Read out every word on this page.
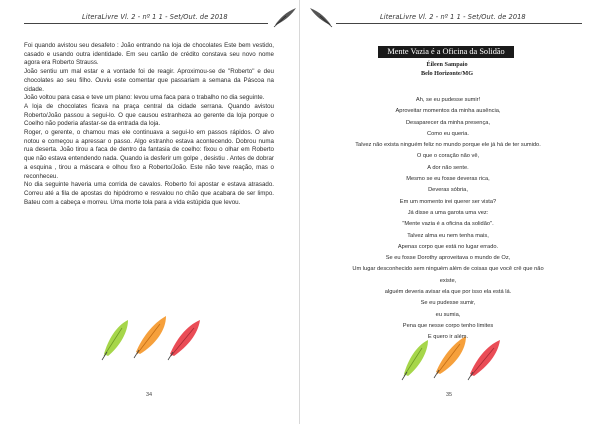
LiteraLivre Vl. 2 - nº 1 1 - Set/Out. de 2018

Foi quando avistou seu desafeto : João entrando na loja de chocolates Este bem vestido, casado e usando outra identidade. Em seu cartão de crédito constava seu novo nome agora era Roberto Strauss.

João sentiu um mal estar e a vontade foi de reagir. Aproximou-se de "Roberto" e deu chocolates ao seu filho. Ouviu este comentar que passariam a semana da Páscoa na cidade.

João voltou para casa e teve um plano: levou uma faca para o trabalho no dia seguinte.

A loja de chocolates ficava na praça central da cidade serrana. Quando avistou Roberto/João passou a segui-lo. O que causou estranheza ao gerente da loja porque o Coelho não poderia afastar-se da entrada da loja.

Roger, o gerente, o chamou mas ele continuava a segui-lo em passos rápidos. O alvo notou e começou a apressar o passo. Algo estranho estava acontecendo. Dobrou numa rua deserta. João tirou a faca de dentro da fantasia de coelho: fixou o olhar em Roberto que não estava entendendo nada. Quando ia desferir um golpe , desistiu . Antes de dobrar a esquina , tirou a máscara e olhou fixo a Roberto/João. Este não teve reação, mas o reconheceu.

No dia seguinte haveria uma corrida de cavalos. Roberto foi apostar e estava atrasado. Correu até a fila de apostas do hipódromo e resvalou no chão que acabara de ser limpo. Bateu com a cabeça e morreu. Uma morte tola para a vida estúpida que levou.

34
LiteraLivre Vl. 2 - nº 1 1 - Set/Out. de 2018
35
Mente Vazia é a Oficina da Solidão
Éileen Sampaio
Belo Horizonte/MG
Ah, se eu pudesse sumir!
Aproveitar momentos da minha ausência,
Desaparecer da minha presença,
Como eu queria.
Talvez não exista ninguém feliz no mundo porque ele já há de ter sumido.
O que o coração não vê,
A dor não sente.
Mesmo se eu fosse deveras rica,
Deveras sóbria,
Em um momento irei querer ser vista?
Já disse a uma garota uma vez:
"Mente vazia é a oficina da solidão".
Talvez alma eu nem tenha mais,
Apenas corpo que está no lugar errado.
Se eu fosse Dorothy aproveitava o mundo de Oz,
Um lugar desconhecido sem ninguém além de coisas que você crê que não
existe,
alguém deveria avisar ela que por isso ela está lá.
Se eu pudesse sumir,
eu sumia,
Pena que nesse corpo tenho limites
E quero ir além.
